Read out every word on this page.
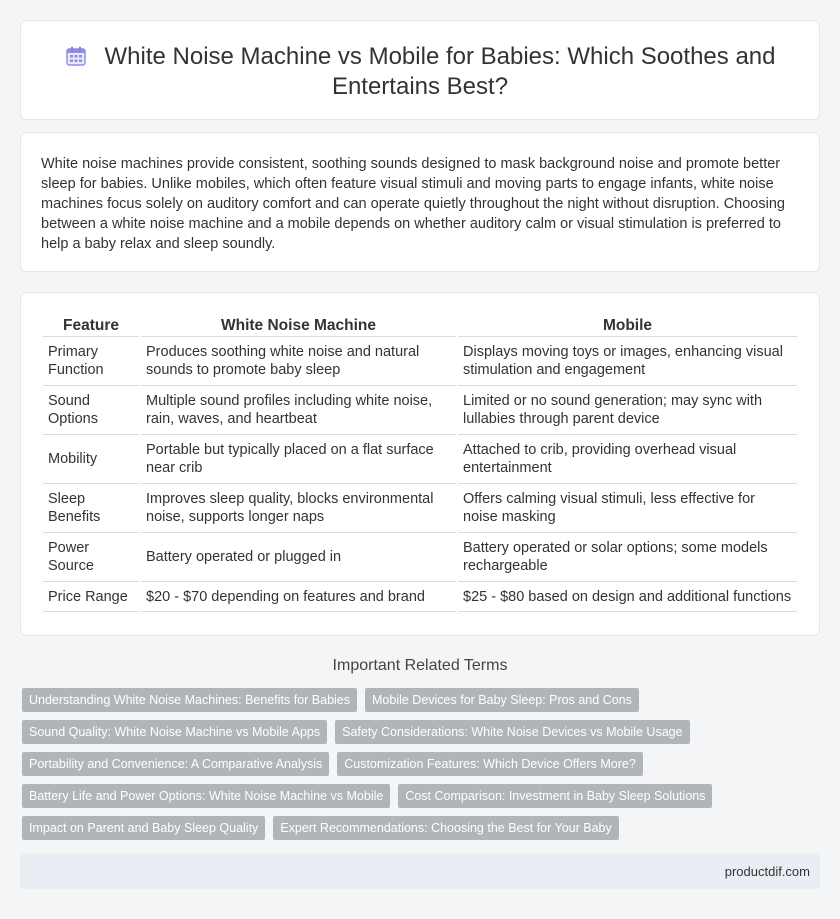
White Noise Machine vs Mobile for Babies: Which Soothes and Entertains Best?

White noise machines provide consistent, soothing sounds designed to mask background noise and promote better sleep for babies. Unlike mobiles, which often feature visual stimuli and moving parts to engage infants, white noise machines focus solely on auditory comfort and can operate quietly throughout the night without disruption. Choosing between a white noise machine and a mobile depends on whether auditory calm or visual stimulation is preferred to help a baby relax and sleep soundly.

Feature	White Noise Machine	Mobile
Primary Function	Produces soothing white noise and natural sounds to promote baby sleep	Displays moving toys or images, enhancing visual stimulation and engagement
Sound Options	Multiple sound profiles including white noise, rain, waves, and heartbeat	Limited or no sound generation; may sync with lullabies through parent device
Mobility	Portable but typically placed on a flat surface near crib	Attached to crib, providing overhead visual entertainment
Sleep Benefits	Improves sleep quality, blocks environmental noise, supports longer naps	Offers calming visual stimuli, less effective for noise masking
Power Source	Battery operated or plugged in	Battery operated or solar options; some models rechargeable
Price Range	$20 - $70 depending on features and brand	$25 - $80 based on design and additional functions
Important Related Terms
Understanding White Noise Machines: Benefits for Babies	Mobile Devices for Baby Sleep: Pros and Cons
Sound Quality: White Noise Machine vs Mobile Apps	Safety Considerations: White Noise Devices vs Mobile Usage
Portability and Convenience: A Comparative Analysis	Customization Features: Which Device Offers More?
Battery Life and Power Options: White Noise Machine vs Mobile	Cost Comparison: Investment in Baby Sleep Solutions
Impact on Parent and Baby Sleep Quality	Expert Recommendations: Choosing the Best for Your Baby
productdif.com
